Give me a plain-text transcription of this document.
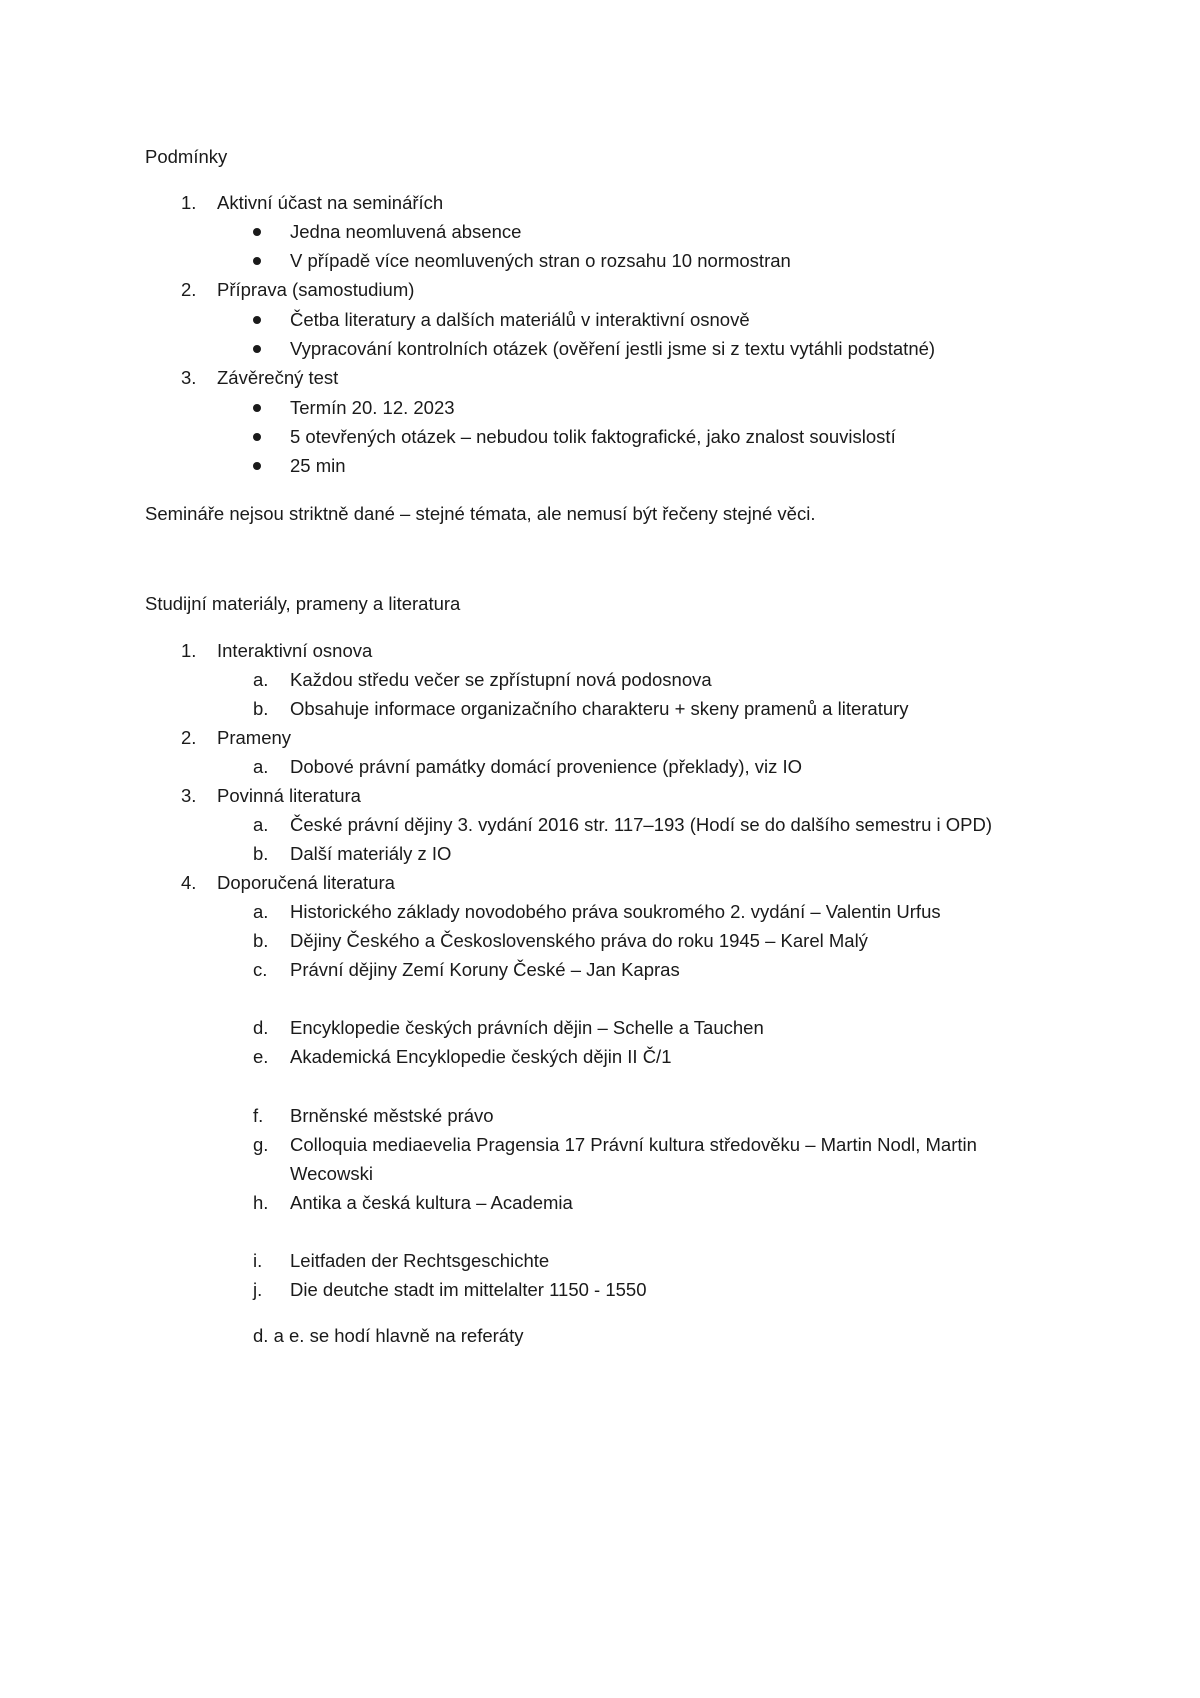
Podmínky
1. Aktivní účast na seminářích
Jedna neomluvená absence
V případě více neomluvených stran o rozsahu 10 normostran
2. Příprava (samostudium)
Četba literatury a dalších materiálů v interaktivní osnově
Vypracování kontrolních otázek (ověření jestli jsme si z textu vytáhli podstatné)
3. Závěrečný test
Termín 20. 12. 2023
5 otevřených otázek – nebudou tolik faktografické, jako znalost souvislostí
25 min
Semináře nejsou striktně dané – stejné témata, ale nemusí být řečeny stejné věci.
Studijní materiály, prameny a literatura
1. Interaktivní osnova
a. Každou středu večer se zpřístupní nová podosnova
b. Obsahuje informace organizačního charakteru + skeny pramenů a literatury
2. Prameny
a. Dobové právní památky domácí provenience (překlady), viz IO
3. Povinná literatura
a. České právní dějiny 3. vydání 2016 str. 117–193 (Hodí se do dalšího semestru i OPD)
b. Další materiály z IO
4. Doporučená literatura
a. Historického základy novodobého práva soukromého 2. vydání – Valentin Urfus
b. Dějiny Českého a Československého práva do roku 1945 – Karel Malý
c. Právní dějiny Zemí Koruny České – Jan Kapras
d. Encyklopedie českých právních dějin – Schelle a Tauchen
e. Akademická Encyklopedie českých dějin II Č/1
f. Brněnské městské právo
g. Colloquia mediaevelia Pragensia 17 Právní kultura středověku – Martin Nodl, Martin
Wecowski
h. Antika a česká kultura – Academia
i. Leitfaden der Rechtsgeschichte
j. Die deutche stadt im mittelalter 1150 - 1550
d. a e. se hodí hlavně na referáty
